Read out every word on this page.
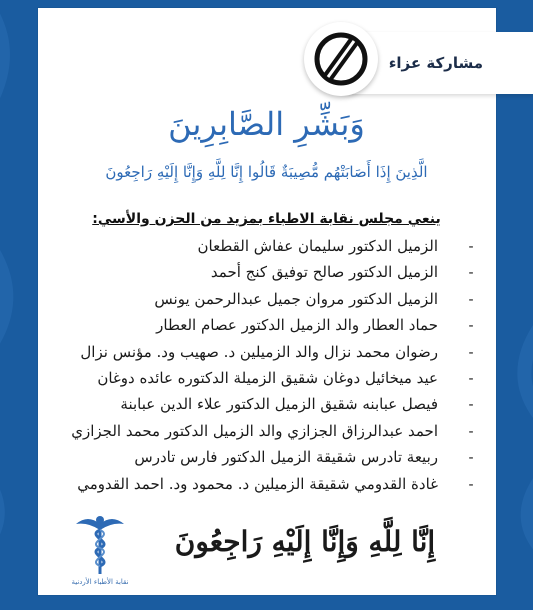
مشاركة عزاء
وَبَشِّرِ الصَّابِرِينَ
الَّذِينَ إِذَا أَصَابَتْهُم مُّصِيبَةٌ قَالُوا إِنَّا لِلَّهِ وَإِنَّا إِلَيْهِ رَاجِعُونَ
ينعي مجلس نقابة الاطباء بمزيد من الحزن والأسي:
-
الزميل الدكتور سليمان عفاش القطعان
-
الزميل الدكتور صالح توفيق كنج أحمد
-
الزميل الدكتور مروان جميل عبدالرحمن يونس
-
حماد العطار والد الزميل الدكتور عصام العطار
-
رضوان محمد نزال والد الزميلين د. صهيب ود. مؤنس نزال
-
عيد ميخائيل دوغان شقيق الزميلة الدكتوره عائده دوغان
-
فيصل عبابنه شقيق الزميل الدكتور علاء الدين عبابنة
-
احمد عبدالرزاق الجزازي والد الزميل الدكتور محمد الجزازي
-
ربيعة تادرس شقيقة الزميل الدكتور فارس تادرس
-
غادة القدومي شقيقة الزميلين د. محمود ود. احمد القدومي
نقابة الأطباء الأردنية
إِنَّا لِلَّهِ وَإِنَّا إِلَيْهِ رَاجِعُونَ
